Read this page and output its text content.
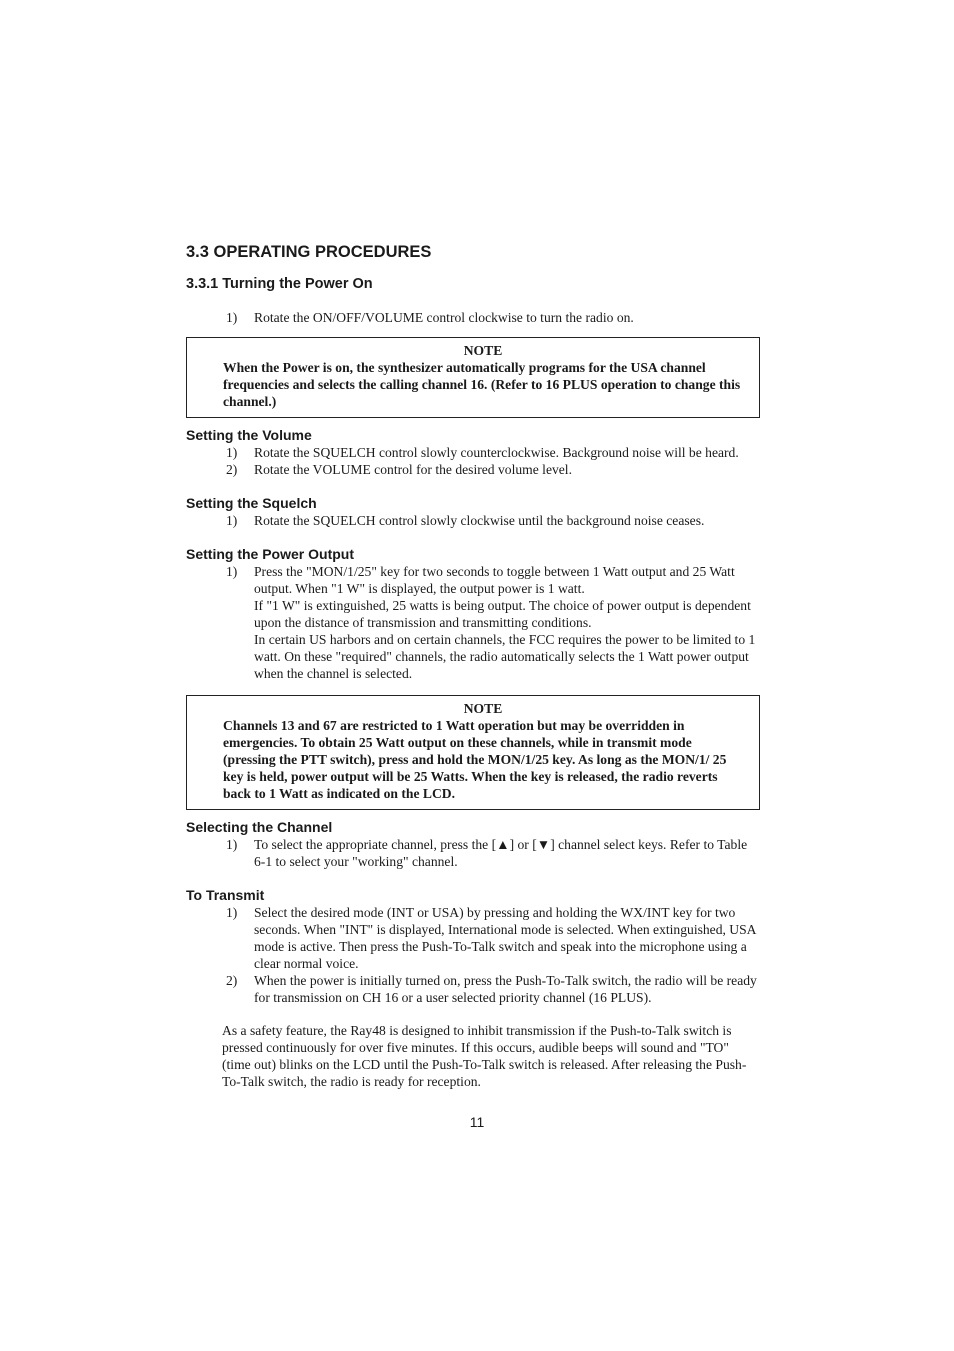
3.3 OPERATING PROCEDURES
3.3.1 Turning the Power On
1)	Rotate the ON/OFF/VOLUME control clockwise to turn the radio on.
NOTE
When the Power is on, the synthesizer automatically programs for the USA channel frequencies and selects the calling channel 16. (Refer to 16 PLUS operation to change this channel.)
Setting the Volume
1)	Rotate the SQUELCH control slowly counterclockwise. Background noise will be heard.
2)	Rotate the VOLUME control for the desired volume level.
Setting the Squelch
1)	Rotate the SQUELCH control slowly clockwise until the background noise ceases.
Setting the Power Output
1)	Press the "MON/1/25" key for two seconds to toggle between 1 Watt output and 25 Watt output. When "1 W" is displayed, the output power is 1 watt.
If "1 W" is extinguished, 25 watts is being output. The choice of power output is dependent upon the distance of transmission and transmitting conditions.
In certain US harbors and on certain channels, the FCC requires the power to be limited to 1 watt. On these "required" channels, the radio automatically selects the 1 Watt power output when the channel is selected.
NOTE
Channels 13 and 67 are restricted to 1 Watt operation but may be overridden in emergencies. To obtain 25 Watt output on these channels, while in transmit mode (pressing the PTT switch), press and hold the MON/1/25 key. As long as the MON/1/ 25 key is held, power output will be 25 Watts. When the key is released, the radio reverts back to 1 Watt as indicated on the LCD.
Selecting the Channel
1)	To select the appropriate channel, press the [▲] or [▼] channel select keys. Refer to Table 6-1 to select your "working" channel.
To Transmit
1)	Select the desired mode (INT or USA) by pressing and holding the WX/INT key for two seconds. When "INT" is displayed, International mode is selected. When extinguished, USA mode is active. Then press the Push-To-Talk switch and speak into the microphone using a clear normal voice.
2)	When the power is initially turned on, press the Push-To-Talk switch, the radio will be ready for transmission on CH 16 or a user selected priority channel (16 PLUS).
As a safety feature, the Ray48 is designed to inhibit transmission if the Push-to-Talk switch is pressed continuously for over five minutes. If this occurs, audible beeps will sound and "TO" (time out) blinks on the LCD until the Push-To-Talk switch is released. After releasing the Push-To-Talk switch, the radio is ready for reception.
11
